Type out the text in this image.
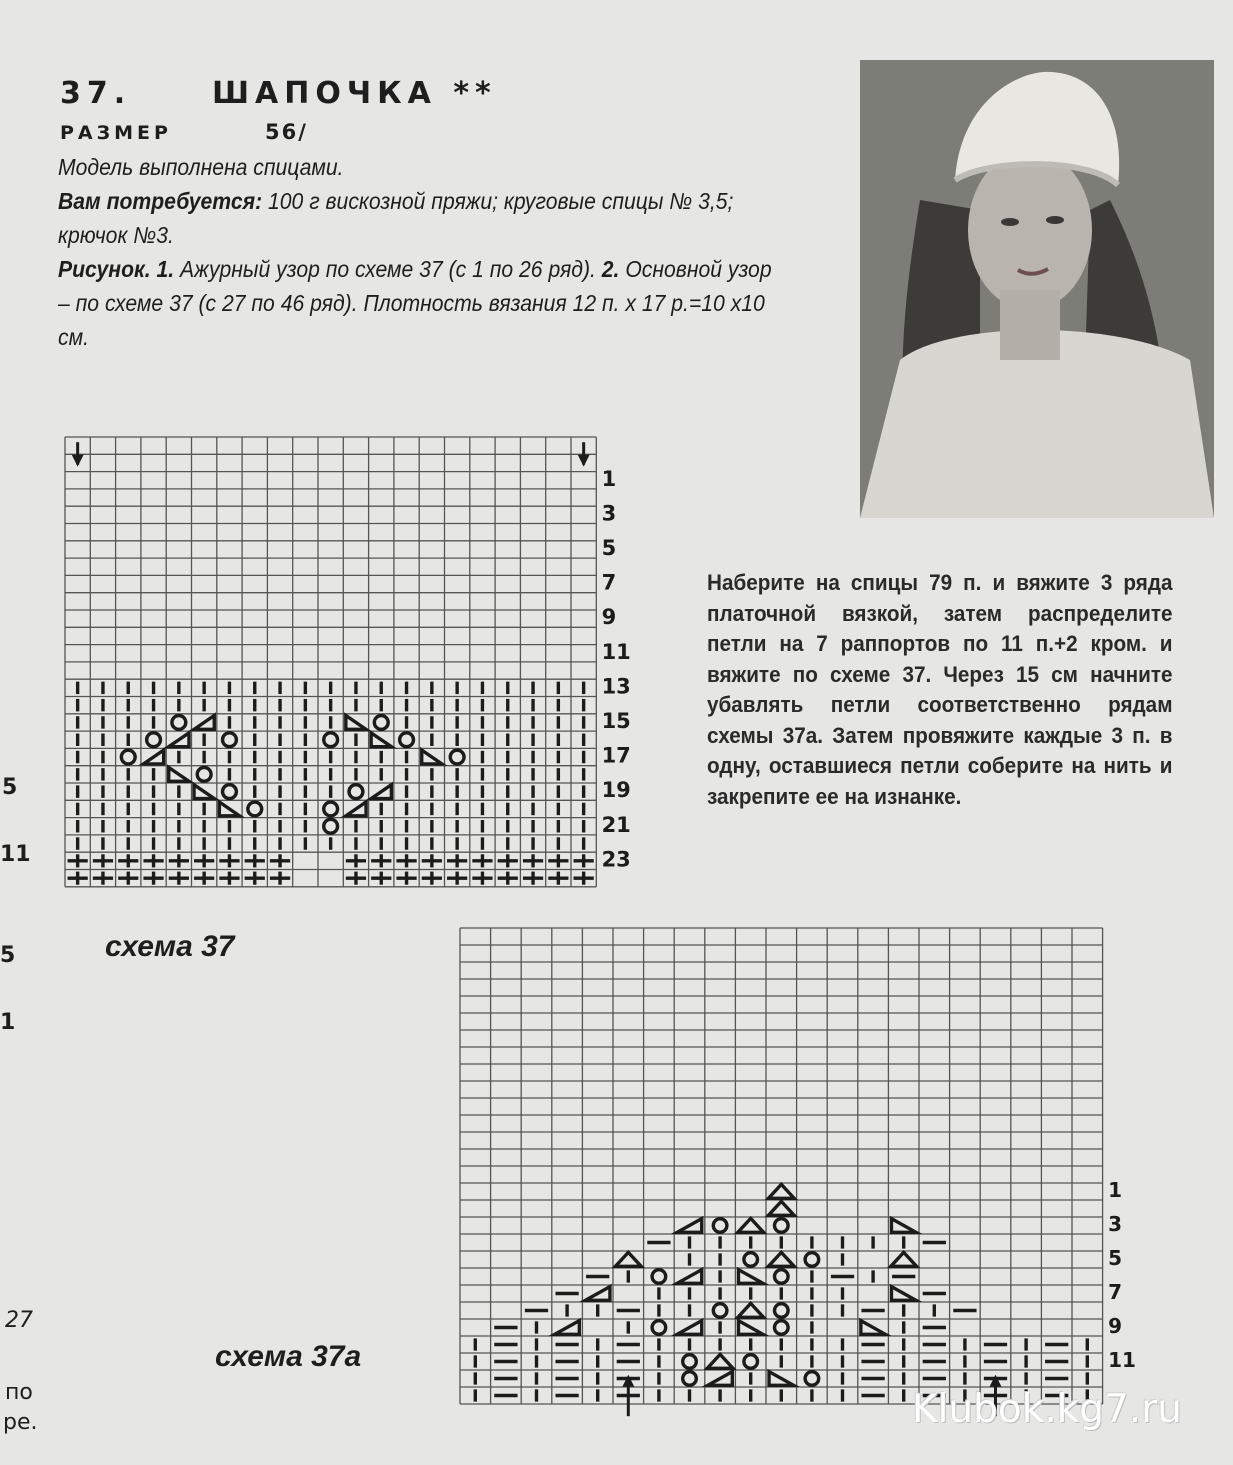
37.	ШАПОЧКА **
РАЗМЕР	56/
Модель выполнена спицами.
Вам потребуется: 100 г вискозной пряжи; круговые спицы № 3,5; крючок №3.
Рисунок. 1. Ажурный узор по схеме 37 (с 1 по 26 ряд). 2. Основной узор – по схеме 37 (с 27 по 46 ряд). Плотность вязания 12 п. х 17 р.=10 х10 см.
Наберите на спицы 79 п. и вяжите 3 ряда платочной вязкой, затем распределите петли на 7 раппортов по 11 п.+2 кром. и вяжите по схеме 37. Через 15 см начните убавлять петли соответственно рядам схемы 37а. Затем провяжите каждые 3 п. в одну, оставшиеся петли соберите на нить и закрепите ее на изнанке.
23
21
19
17
15
13
11
9
7
5
3
1
схема 37
11
9
7
5
3
1
схема 37а
5
11
5
1
27
по
ре.	Klubok.kg7.ru
